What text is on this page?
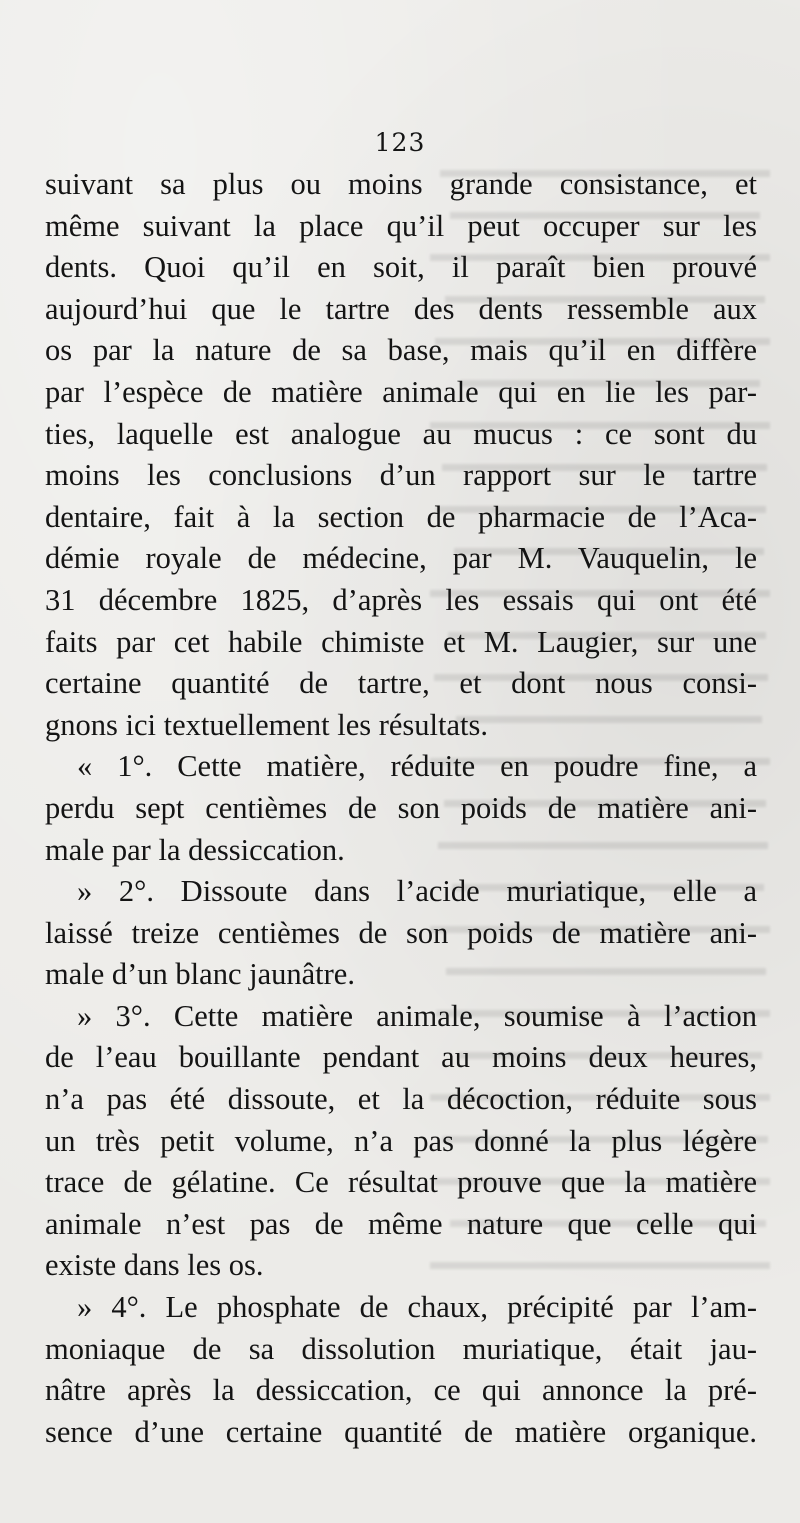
123
suivant sa plus ou moins grande consistance, et
même suivant la place qu’il peut occuper sur les
dents. Quoi qu’il en soit, il paraît bien prouvé
aujourd’hui que le tartre des dents ressemble aux
os par la nature de sa base, mais qu’il en diffère
par l’espèce de matière animale qui en lie les par-
ties, laquelle est analogue au mucus : ce sont du
moins les conclusions d’un rapport sur le tartre
dentaire, fait à la section de pharmacie de l’Aca-
démie royale de médecine, par M. Vauquelin, le
31 décembre 1825, d’après les essais qui ont été
faits par cet habile chimiste et M. Laugier, sur une
certaine quantité de tartre, et dont nous consi-
gnons ici textuellement les résultats.
« 1°. Cette matière, réduite en poudre fine, a
perdu sept centièmes de son poids de matière ani-
male par la dessiccation.
» 2°. Dissoute dans l’acide muriatique, elle a
laissé treize centièmes de son poids de matière ani-
male d’un blanc jaunâtre.
» 3°. Cette matière animale, soumise à l’action
de l’eau bouillante pendant au moins deux heures,
n’a pas été dissoute, et la décoction, réduite sous
un très petit volume, n’a pas donné la plus légère
trace de gélatine. Ce résultat prouve que la matière
animale n’est pas de même nature que celle qui
existe dans les os.
» 4°. Le phosphate de chaux, précipité par l’am-
moniaque de sa dissolution muriatique, était jau-
nâtre après la dessiccation, ce qui annonce la pré-
sence d’une certaine quantité de matière organique.
